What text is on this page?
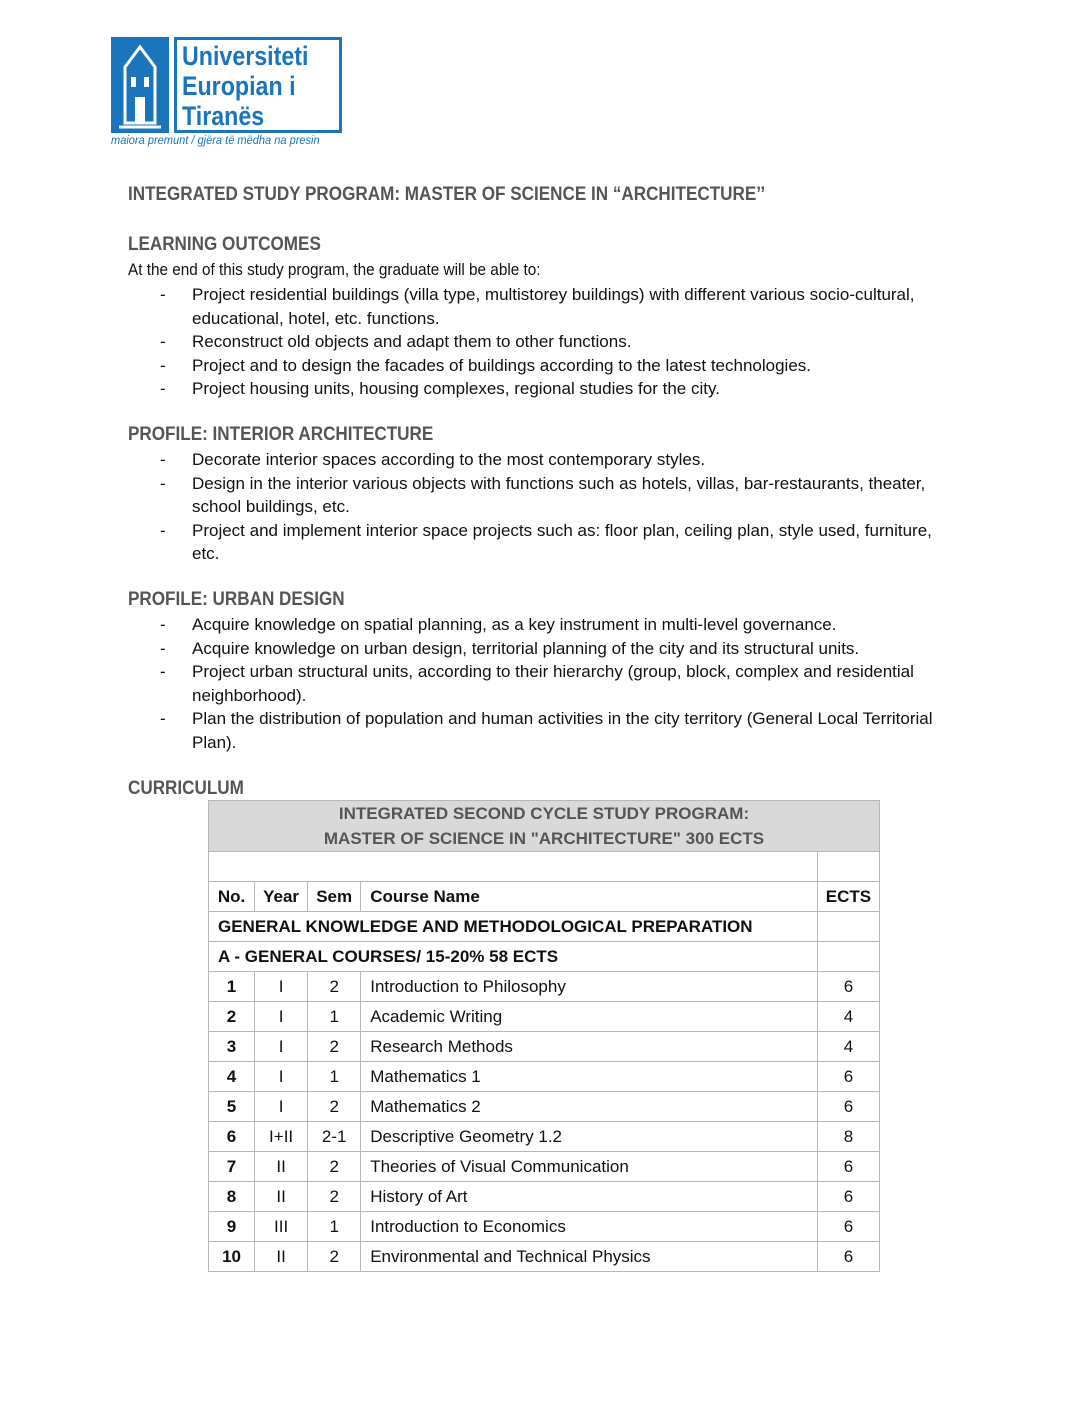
Universiteti
Europian i
Tiranës
maiora premunt / gjëra të mëdha na presin
INTEGRATED STUDY PROGRAM: MASTER OF SCIENCE IN “ARCHITECTURE’’
LEARNING OUTCOMES
At the end of this study program, the graduate will be able to:
- Project residential buildings (villa type, multistorey buildings) with different various socio-cultural,
educational, hotel, etc. functions.
- Reconstruct old objects and adapt them to other functions.
- Project and to design the facades of buildings according to the latest technologies.
- Project housing units, housing complexes, regional studies for the city.
PROFILE: INTERIOR ARCHITECTURE
- Decorate interior spaces according to the most contemporary styles.
- Design in the interior various objects with functions such as hotels, villas, bar-restaurants, theater,
school buildings, etc.
- Project and implement interior space projects such as: floor plan, ceiling plan, style used, furniture,
etc.
PROFILE: URBAN DESIGN
- Acquire knowledge on spatial planning, as a key instrument in multi-level governance.
- Acquire knowledge on urban design, territorial planning of the city and its structural units.
- Project urban structural units, according to their hierarchy (group, block, complex and residential
neighborhood).
- Plan the distribution of population and human activities in the city territory (General Local Territorial
Plan).
CURRICULUM
INTEGRATED SECOND CYCLE STUDY PROGRAM:
MASTER OF SCIENCE IN "ARCHITECTURE" 300 ECTS				

No.	Year	Sem	Course Name	ECTS
GENERAL KNOWLEDGE AND METHODOLOGICAL PREPARATION				
A - GENERAL COURSES/ 15-20% 58 ECTS				
1	I	2	Introduction to Philosophy	6
2	I	1	Academic Writing	4
3	I	2	Research Methods	4
4	I	1	Mathematics 1	6
5	I	2	Mathematics 2	6
6	I+II	2-1	Descriptive Geometry 1.2	8
7	II	2	Theories of Visual Communication	6
8	II	2	History of Art	6
9	III	1	Introduction to Economics	6
10	II	2	Environmental and Technical Physics	6
